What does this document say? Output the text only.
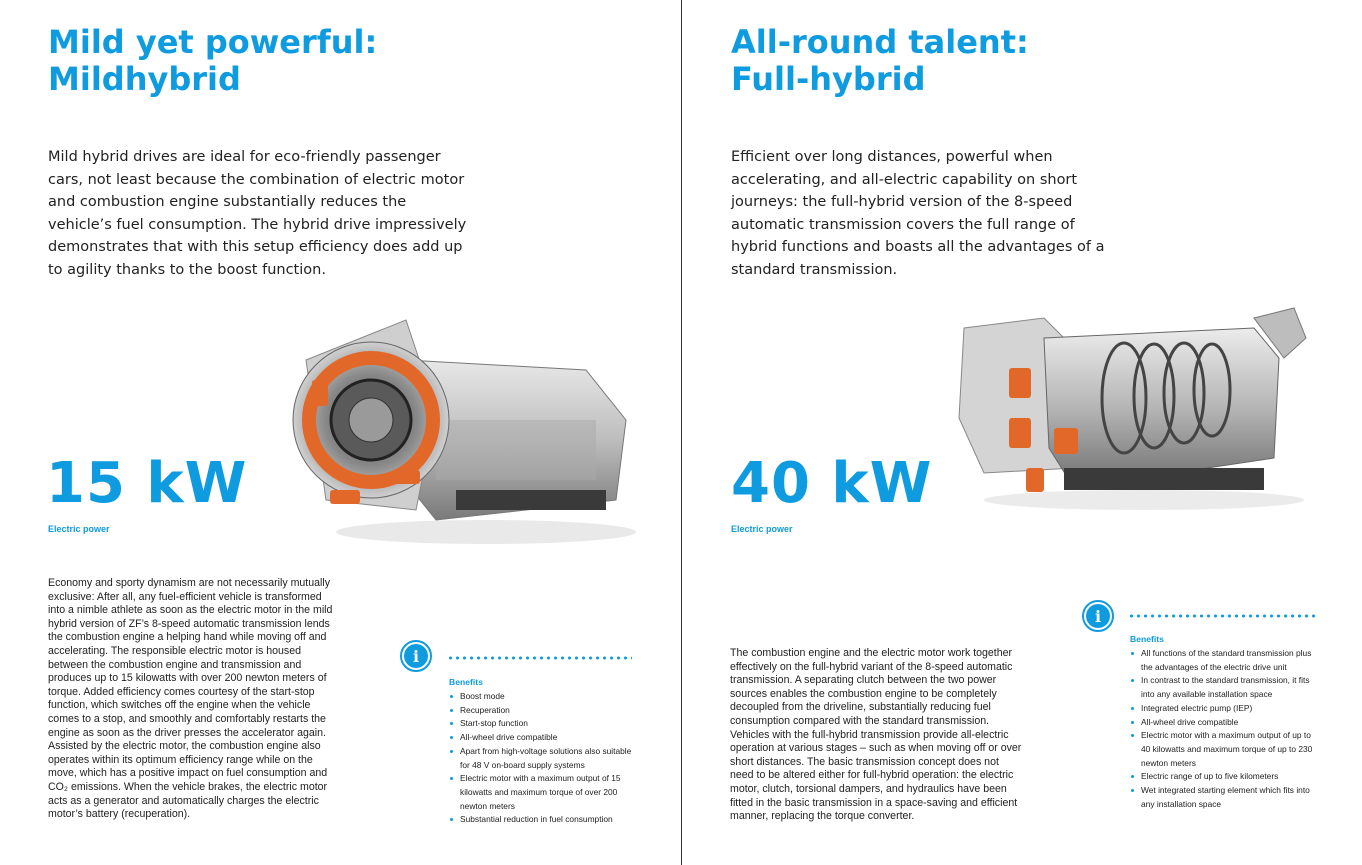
Mild yet powerful:
Mildhybrid
Mild hybrid drives are ideal for eco-friendly passenger cars, not least because the combination of electric motor and combustion engine substantially reduces the vehicle’s fuel consumption. The hybrid drive impressively demonstrates that with this setup efficiency does add up to agility thanks to the boost function.
15 kW
Electric power
Economy and sporty dynamism are not necessarily mutually exclusive: After all, any fuel-efficient vehicle is transformed into a nimble athlete as soon as the electric motor in the mild hybrid version of ZF’s 8-speed automatic transmission lends the combustion engine a helping hand while moving off and accelerating. The responsible electric motor is housed between the combustion engine and transmission and produces up to 15 kilowatts with over 200 newton meters of torque. Added efficiency comes courtesy of the start-stop function, which switches off the engine when the vehicle comes to a stop, and smoothly and comfortably restarts the engine as soon as the driver presses the accelerator again. Assisted by the electric motor, the combustion engine also operates within its optimum efficiency range while on the move, which has a positive impact on fuel consumption and CO₂ emissions. When the vehicle brakes, the electric motor acts as a generator and automatically charges the electric motor’s battery (recuperation).
i
Benefits
Boost mode
Recuperation
Start-stop function
All-wheel drive compatible
Apart from high-voltage solutions also suitable for 48 V on-board supply systems
Electric motor with a maximum output of 15 kilowatts and maximum torque of over 200 newton meters
Substantial reduction in fuel consumption
All-round talent:
Full-hybrid
Efficient over long distances, powerful when accelerating, and all-electric capability on short journeys: the full-hybrid version of the 8-speed automatic transmission covers the full range of hybrid functions and boasts all the advantages of a standard transmission.
40 kW
Electric power
The combustion engine and the electric motor work together effectively on the full-hybrid variant of the 8-speed automatic transmission. A separating clutch between the two power sources enables the combustion engine to be completely decoupled from the driveline, substantially reducing fuel consumption compared with the standard transmission. Vehicles with the full-hybrid transmission provide all-electric operation at various stages – such as when moving off or over short distances. The basic transmission concept does not need to be altered either for full-hybrid operation: the electric motor, clutch, torsional dampers, and hydraulics have been fitted in the basic transmission in a space-saving and efficient manner, replacing the torque converter.
i
Benefits
All functions of the standard transmission plus the advantages of the electric drive unit
In contrast to the standard transmission, it fits into any available installation space
Integrated electric pump (IEP)
All-wheel drive compatible
Electric motor with a maximum output of up to 40 kilowatts and maximum torque of up to 230 newton meters
Electric range of up to five kilometers
Wet integrated starting element which fits into any installation space
